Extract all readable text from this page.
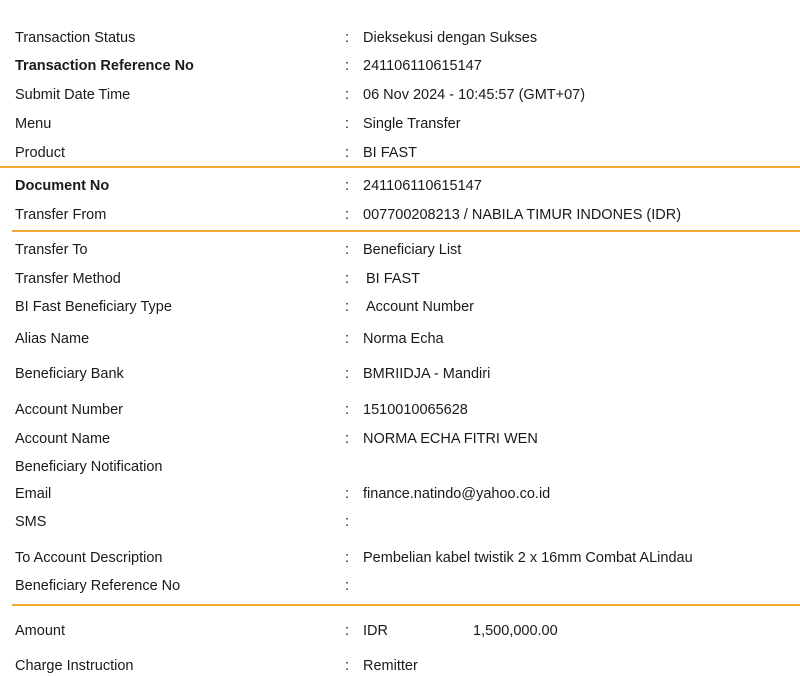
Transaction Status	: Dieksekusi dengan Sukses
Transaction Reference No	: 241106110615147
Submit Date Time	: 06 Nov 2024 - 10:45:57 (GMT+07)
Menu	: Single Transfer
Product	: BI FAST
Document No	: 241106110615147
Transfer From	: 007700208213 / NABILA TIMUR INDONES (IDR)
Transfer To	: Beneficiary List
Transfer Method	: BI FAST
BI Fast Beneficiary Type	: Account Number
Alias Name	: Norma Echa
Beneficiary Bank	: BMRIIDJA - Mandiri
Account Number	: 1510010065628
Account Name	: NORMA ECHA FITRI WEN
Beneficiary Notification
Email	: finance.natindo@yahoo.co.id
SMS	:
To Account Description	: Pembelian kabel twistik 2 x 16mm Combat ALindau
Beneficiary Reference No	:
Amount	: IDR	1,500,000.00
Charge Instruction	: Remitter
